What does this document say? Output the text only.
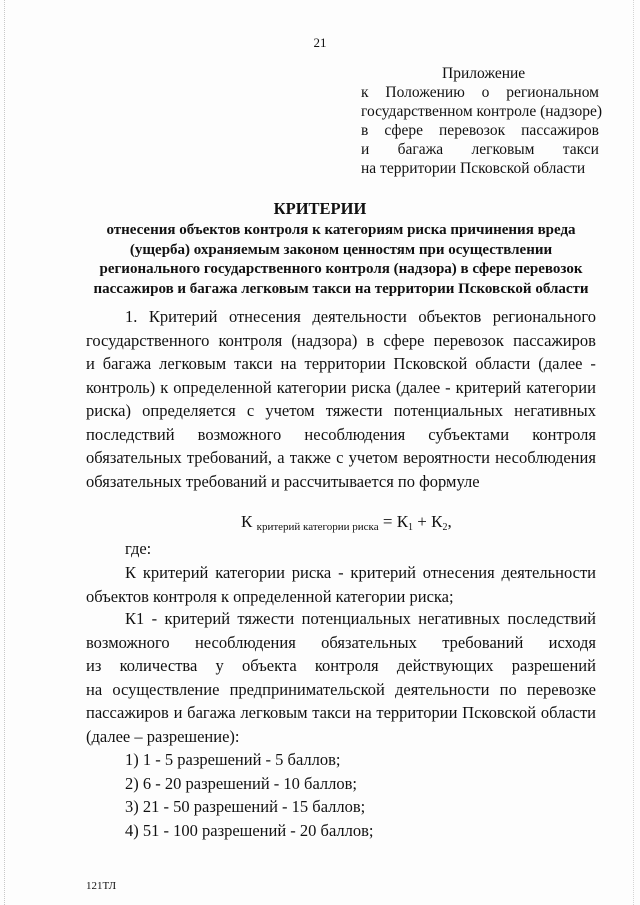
21
Приложение
к Положению о региональном
государственном контроле (надзоре)
в сфере перевозок пассажиров
и багажа легковым такси
на территории Псковской области
КРИТЕРИИ
отнесения объектов контроля к категориям риска причинения вреда
(ущерба) охраняемым законом ценностям при осуществлении
регионального государственного контроля (надзора) в сфере перевозок
пассажиров и багажа легковым такси на территории Псковской области
1. Критерий отнесения деятельности объектов регионального
государственного контроля (надзора) в сфере перевозок пассажиров
и багажа легковым такси на территории Псковской области (далее -
контроль) к определенной категории риска (далее - критерий категории
риска) определяется с учетом тяжести потенциальных негативных
последствий возможного несоблюдения субъектами контроля
обязательных требований, а также с учетом вероятности несоблюдения
обязательных требований и рассчитывается по формуле
К $_{критерий категории риска} = К_1 + К_2$,
где:
К критерий категории риска - критерий отнесения деятельности
объектов контроля к определенной категории риска;
К1 - критерий тяжести потенциальных негативных последствий
возможного несоблюдения обязательных требований исходя
из количества у объекта контроля действующих разрешений
на осуществление предпринимательской деятельности по перевозке
пассажиров и багажа легковым такси на территории Псковской области
(далее – разрешение):
1) 1 - 5 разрешений - 5 баллов;
2) 6 - 20 разрешений - 10 баллов;
3) 21 - 50 разрешений - 15 баллов;
4) 51 - 100 разрешений - 20 баллов;
121ТЛ
